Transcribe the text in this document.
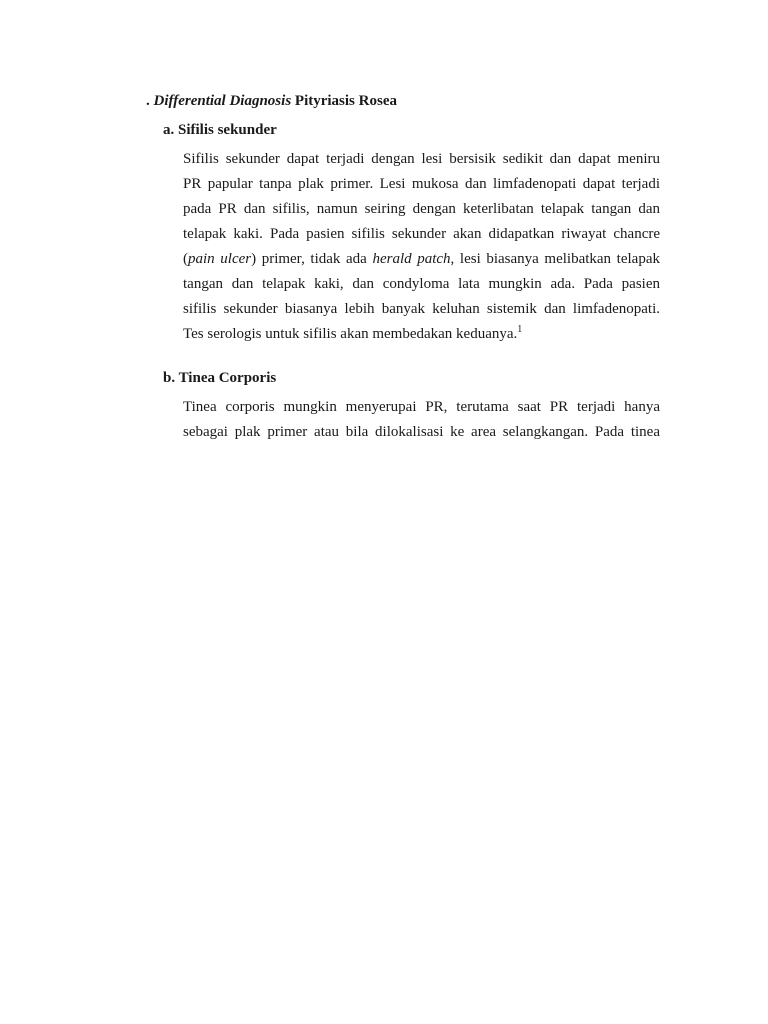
. Differential Diagnosis Pityriasis Rosea
a. Sifilis sekunder
Sifilis sekunder dapat terjadi dengan lesi bersisik sedikit dan dapat meniru
PR papular tanpa plak primer. Lesi mukosa dan limfadenopati dapat terjadi
pada PR dan sifilis, namun seiring dengan keterlibatan telapak tangan dan
telapak kaki. Pada pasien sifilis sekunder akan didapatkan riwayat chancre
(pain ulcer) primer, tidak ada herald patch, lesi biasanya melibatkan telapak
tangan dan telapak kaki, dan condyloma lata mungkin ada. Pada pasien
sifilis sekunder biasanya lebih banyak keluhan sistemik dan limfadenopati.
Tes serologis untuk sifilis akan membedakan keduanya.$^1$
b. Tinea Corporis
Tinea corporis mungkin menyerupai PR, terutama saat PR terjadi hanya
sebagai plak primer atau bila dilokalisasi ke area selangkangan. Pada tinea
